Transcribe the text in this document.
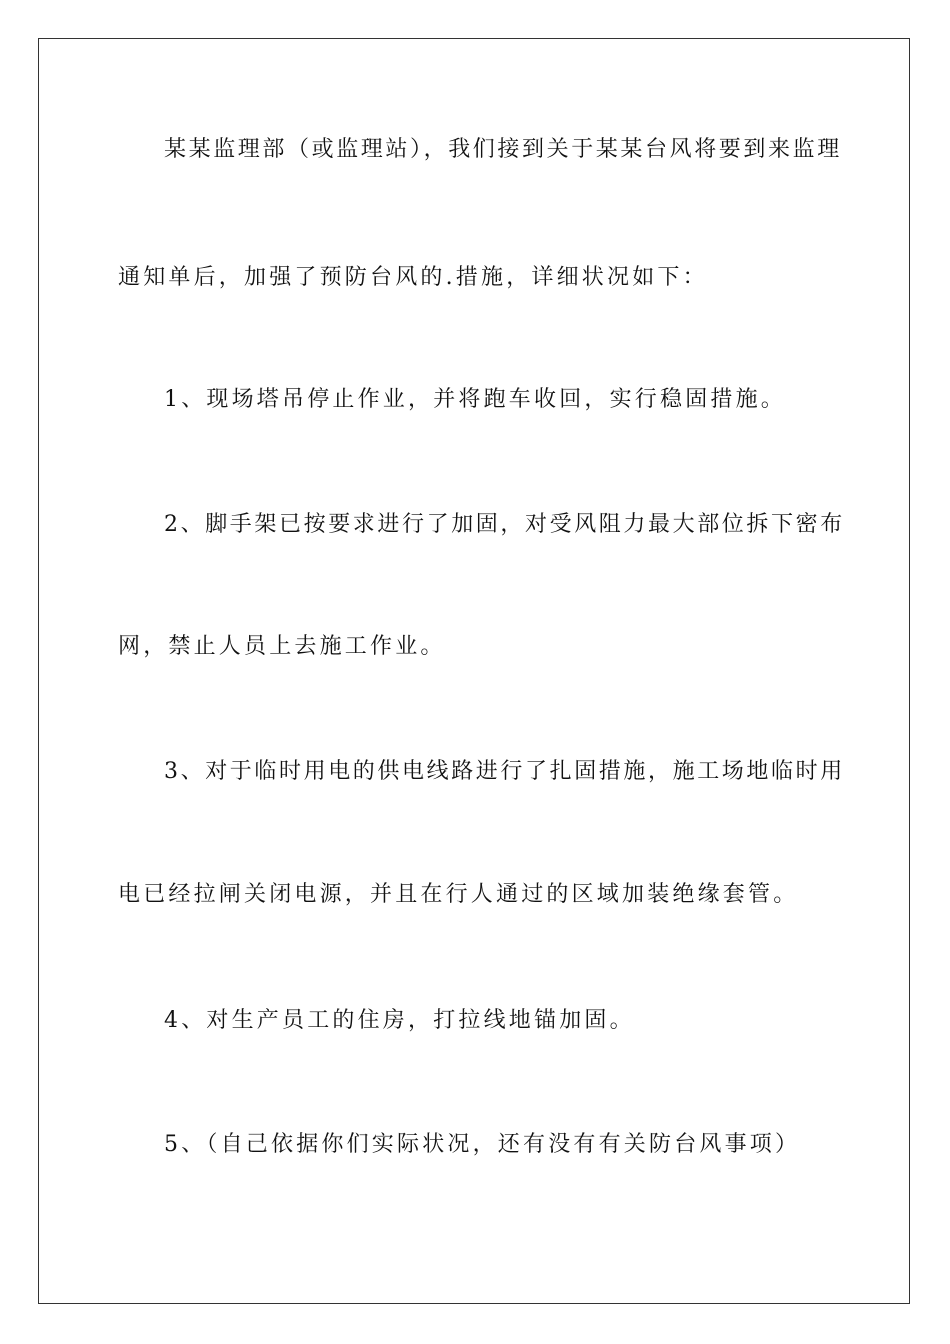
某某监理部（或监理站），我们接到关于某某台风将要到来监理
通知单后，加强了预防台风的.措施，详细状况如下：
1、现场塔吊停止作业，并将跑车收回，实行稳固措施。
2、脚手架已按要求进行了加固，对受风阻力最大部位拆下密布
网，禁止人员上去施工作业。
3、对于临时用电的供电线路进行了扎固措施，施工场地临时用
电已经拉闸关闭电源，并且在行人通过的区域加装绝缘套管。
4、对生产员工的住房，打拉线地锚加固。
5、（自己依据你们实际状况，还有没有有关防台风事项）
